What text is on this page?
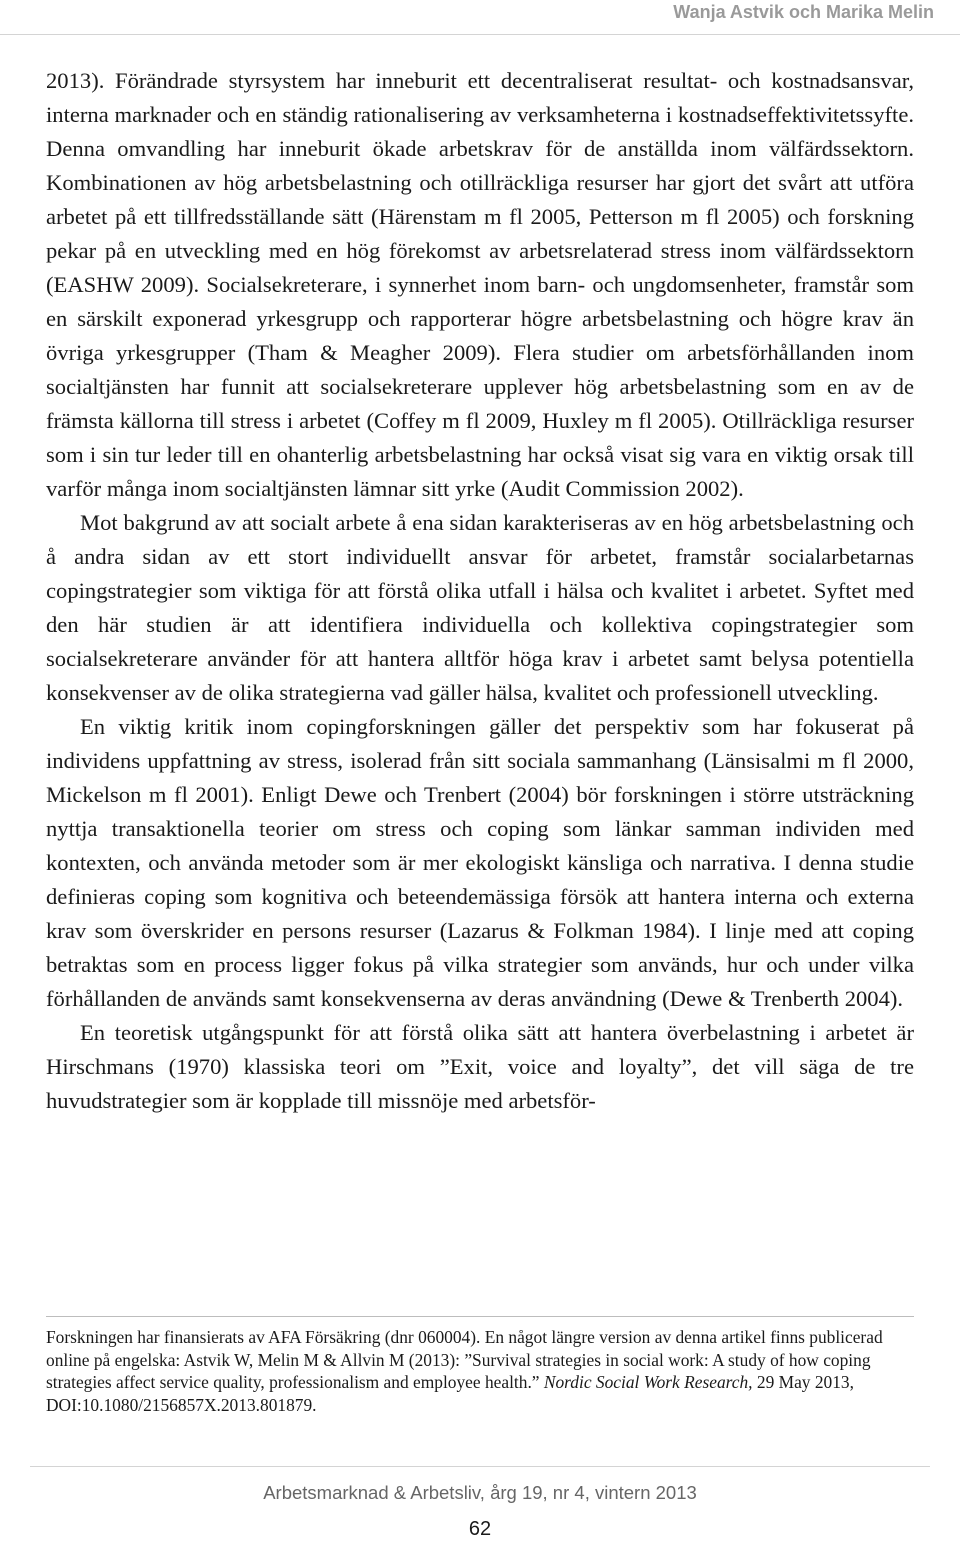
Wanja Astvik och Marika Melin

2013). Förändrade styrsystem har inneburit ett decentraliserat resultat- och kostnadsansvar, interna marknader och en ständig rationalisering av verksamheterna i kostnadseffektivitetssyfte. Denna omvandling har inneburit ökade arbetskrav för de anställda inom välfärdssektorn. Kombinationen av hög arbetsbelastning och otillräckliga resurser har gjort det svårt att utföra arbetet på ett tillfredsställande sätt (Härenstam m fl 2005, Petterson m fl 2005) och forskning pekar på en utveckling med en hög förekomst av arbetsrelaterad stress inom välfärdssektorn (EASHW 2009). Socialsekreterare, i synnerhet inom barn- och ungdomsenheter, framstår som en särskilt exponerad yrkesgrupp och rapporterar högre arbetsbelastning och högre krav än övriga yrkesgrupper (Tham & Meagher 2009). Flera studier om arbetsförhållanden inom socialtjänsten har funnit att socialsekreterare upplever hög arbetsbelastning som en av de främsta källorna till stress i arbetet (Coffey m fl 2009, Huxley m fl 2005). Otillräckliga resurser som i sin tur leder till en ohanterlig arbetsbelastning har också visat sig vara en viktig orsak till varför många inom socialtjänsten lämnar sitt yrke (Audit Commission 2002).

Mot bakgrund av att socialt arbete å ena sidan karakteriseras av en hög arbetsbelastning och å andra sidan av ett stort individuellt ansvar för arbetet, framstår socialarbetarnas copingstrategier som viktiga för att förstå olika utfall i hälsa och kvalitet i arbetet. Syftet med den här studien är att identifiera individuella och kollektiva copingstrategier som socialsekreterare använder för att hantera alltför höga krav i arbetet samt belysa potentiella konsekvenser av de olika strategierna vad gäller hälsa, kvalitet och professionell utveckling.

En viktig kritik inom copingforskningen gäller det perspektiv som har fokuserat på individens uppfattning av stress, isolerad från sitt sociala sammanhang (Länsisalmi m fl 2000, Mickelson m fl 2001). Enligt Dewe och Trenbert (2004) bör forskningen i större utsträckning nyttja transaktionella teorier om stress och coping som länkar samman individen med kontexten, och använda metoder som är mer ekologiskt känsliga och narrativa. I denna studie definieras coping som kognitiva och beteendemässiga försök att hantera interna och externa krav som överskrider en persons resurser (Lazarus & Folkman 1984). I linje med att coping betraktas som en process ligger fokus på vilka strategier som används, hur och under vilka förhållanden de används samt konsekvenserna av deras användning (Dewe & Trenberth 2004).

En teoretisk utgångspunkt för att förstå olika sätt att hantera överbelastning i arbetet är Hirschmans (1970) klassiska teori om ”Exit, voice and loyalty”, det vill säga de tre huvudstrategier som är kopplade till missnöje med arbetsför-

Forskningen har finansierats av AFA Försäkring (dnr 060004). En något längre version av denna artikel finns publicerad online på engelska: Astvik W, Melin M & Allvin M (2013): ”Survival strategies in social work: A study of how coping strategies affect service quality, professionalism and employee health.” Nordic Social Work Research, 29 May 2013, DOI:10.1080/2156857X.2013.801879.

Arbetsmarknad & Arbetsliv, årg 19, nr 4, vintern 2013
62
